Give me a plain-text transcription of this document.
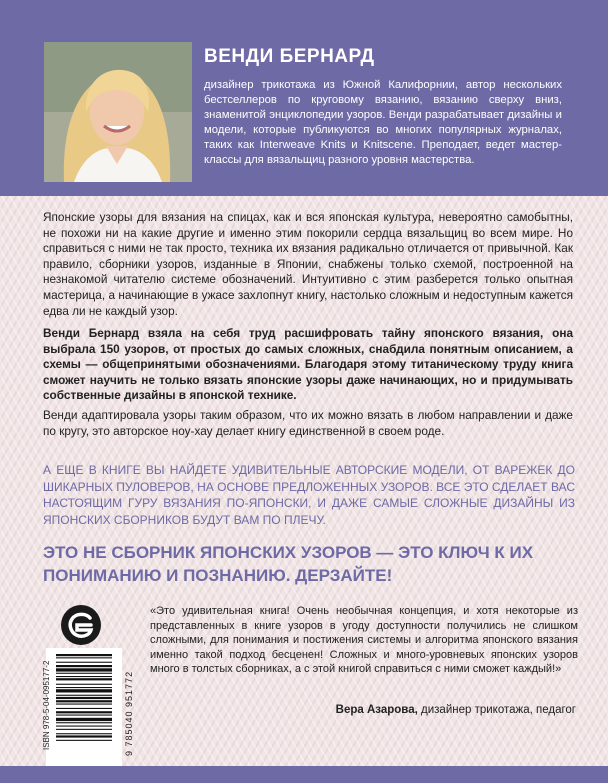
ВЕНДИ БЕРНАРД
дизайнер трикотажа из Южной Калифорнии, автор нескольких бестселлеров по круговому вязанию, вязанию сверху вниз, знаменитой энциклопедии узоров. Венди разрабатывает дизайны и модели, которые публикуются во многих популярных журналах, таких как Interweave Knits и Knitscene. Преподает, ведет мастер-классы для вязальщиц разного уровня мастерства.

Японские узоры для вязания на спицах, как и вся японская культура, невероятно самобытны, не похожи ни на какие другие и именно этим покорили сердца вязальщиц во всем мире. Но справиться с ними не так просто, техника их вязания радикально отличается от привычной. Как правило, сборники узоров, изданные в Японии, снабжены только схемой, построенной на незнакомой читателю системе обозначений. Интуитивно с этим разберется только опытная мастерица, а начинающие в ужасе захлопнут книгу, настолько сложным и недоступным кажется едва ли не каждый узор.

Венди Бернард взяла на себя труд расшифровать тайну японского вязания, она выбрала 150 узоров, от простых до самых сложных, снабдила понятным описанием, а схемы — общепринятыми обозначениями. Благодаря этому титаническому труду книга сможет научить не только вязать японские узоры даже начинающих, но и придумывать собственные дизайны в японской технике.

Венди адаптировала узоры таким образом, что их можно вязать в любом направлении и даже по кругу, это авторское ноу-хау делает книгу единственной в своем роде.

А ЕЩЕ В КНИГЕ ВЫ НАЙДЕТЕ УДИВИТЕЛЬНЫЕ АВТОРСКИЕ МОДЕЛИ, ОТ ВАРЕЖЕК ДО ШИКАРНЫХ ПУЛОВЕРОВ, НА ОСНОВЕ ПРЕДЛОЖЕННЫХ УЗОРОВ. ВСЕ ЭТО СДЕЛАЕТ ВАС НАСТОЯЩИМ ГУРУ ВЯЗАНИЯ ПО-ЯПОНСКИ, И ДАЖЕ САМЫЕ СЛОЖНЫЕ ДИЗАЙНЫ ИЗ ЯПОНСКИХ СБОРНИКОВ БУДУТ ВАМ ПО ПЛЕЧУ.

ЭТО НЕ СБОРНИК ЯПОНСКИХ УЗОРОВ — ЭТО КЛЮЧ К ИХ ПОНИМАНИЮ И ПОЗНАНИЮ. ДЕРЗАЙТЕ!

«Это удивительная книга! Очень необычная концепция, и хотя некоторые из представленных в книге узоров в угоду доступности получились не слишком сложными, для понимания и постижения системы и алгоритма японского вязания именно такой подход бесценен! Сложных и много-уровневых японских узоров много в толстых сборниках, а с этой книгой справиться с ними сможет каждый!»

Вера Азарова, дизайнер трикотажа, педагог
ISBN 978-5-04-095177-2	9 785040 951772
